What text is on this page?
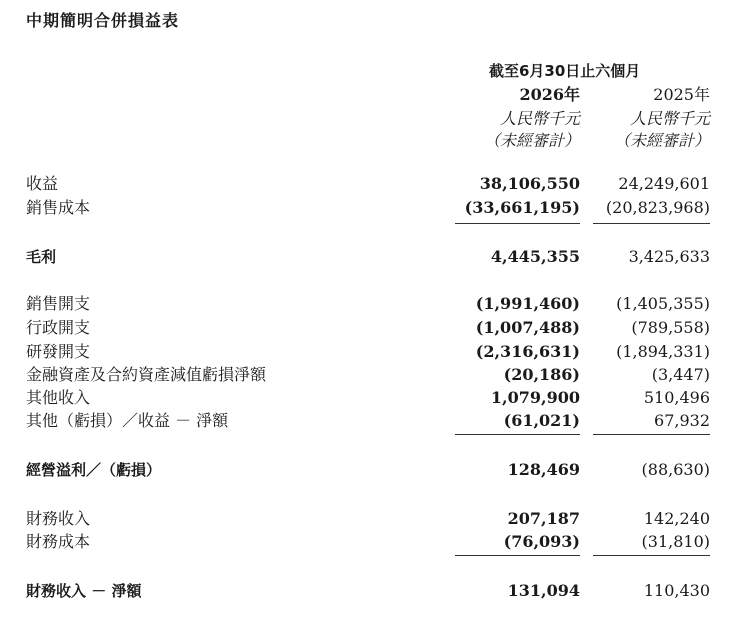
中期簡明合併損益表
截至6月30日止六個月
2026年	2025年
人民幣千元	人民幣千元
（未經審計）	（未經審計）
收益	38,106,550	24,249,601
銷售成本	(33,661,195)	(20,823,968)
毛利	4,445,355	3,425,633
銷售開支	(1,991,460)	(1,405,355)
行政開支	(1,007,488)	(789,558)
研發開支	(2,316,631)	(1,894,331)
金融資產及合約資產減值虧損淨額	(20,186)	(3,447)
其他收入	1,079,900	510,496
其他（虧損）／收益 － 淨額	(61,021)	67,932
經營溢利／（虧損）	128,469	(88,630)
財務收入	207,187	142,240
財務成本	(76,093)	(31,810)
財務收入 － 淨額	131,094	110,430
